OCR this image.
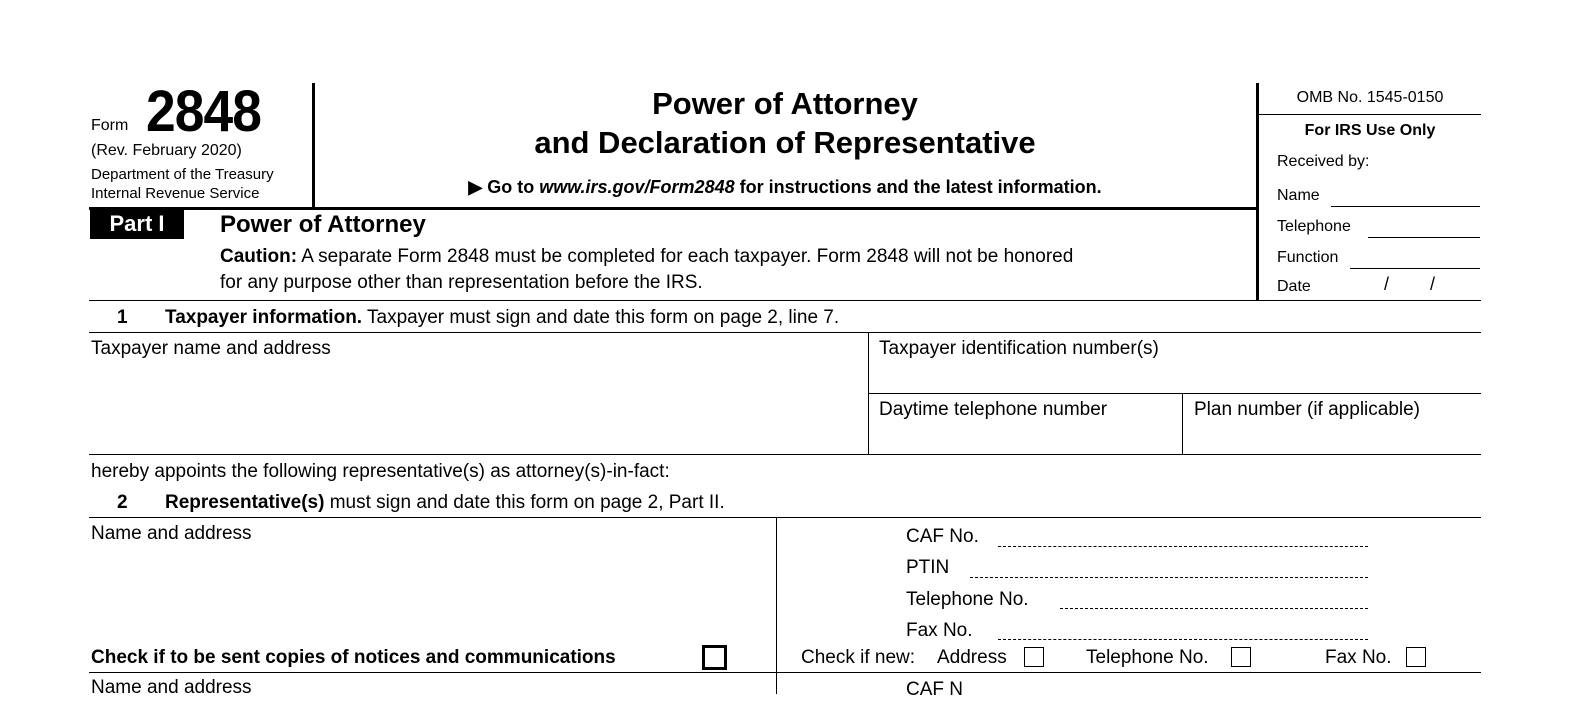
Form 2848
(Rev. February 2020)
Department of the Treasury
Internal Revenue Service
Power of Attorney
and Declaration of Representative
▶ Go to www.irs.gov/Form2848 for instructions and the latest information.
OMB No. 1545-0150
For IRS Use Only
Received by:
Name
Telephone
Function
Date	/ /
Part I	Power of Attorney
Caution: A separate Form 2848 must be completed for each taxpayer. Form 2848 will not be honored
for any purpose other than representation before the IRS.
1 Taxpayer information. Taxpayer must sign and date this form on page 2, line 7.
Taxpayer name and address	Taxpayer identification number(s)
Daytime telephone number	Plan number (if applicable)
hereby appoints the following representative(s) as attorney(s)-in-fact:
2 Representative(s) must sign and date this form on page 2, Part II.
Name and address	CAF No.
PTIN
Telephone No.
Fax No.
Check if to be sent copies of notices and communications	Check if new: Address	Telephone No.	Fax No.
Name and address	CAF N
